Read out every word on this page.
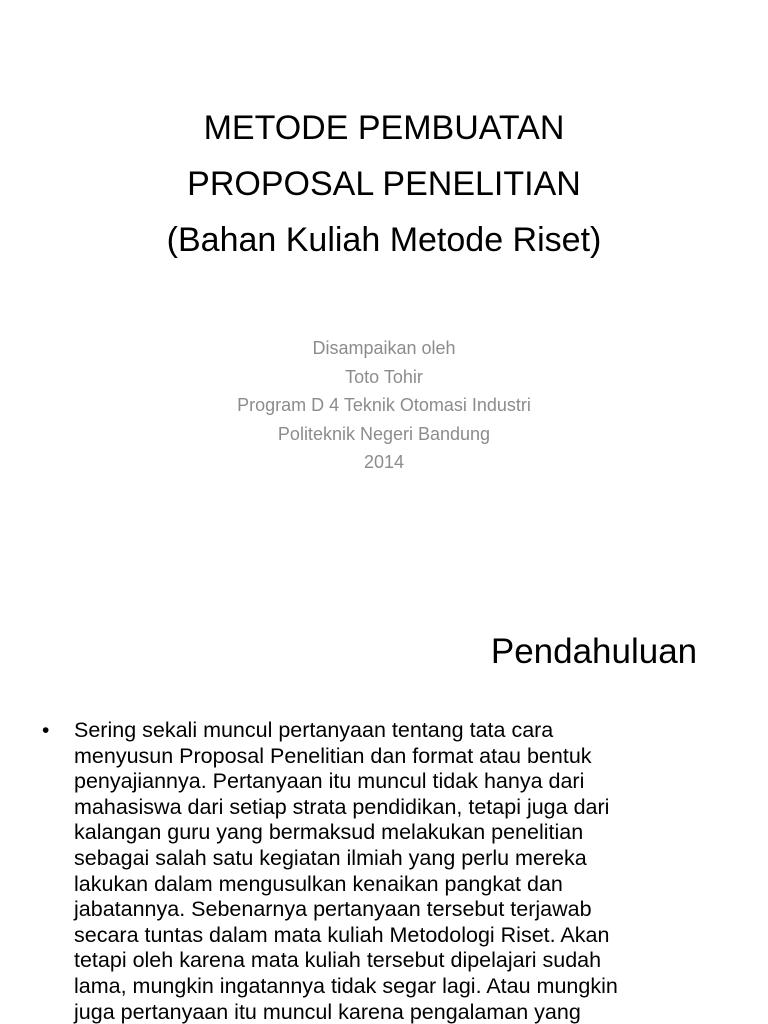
METODE PEMBUATAN
PROPOSAL PENELITIAN
(Bahan Kuliah Metode Riset)
Disampaikan oleh
Toto Tohir
Program D 4 Teknik Otomasi Industri
Politeknik Negeri Bandung
2014
Pendahuluan
• Sering sekali muncul pertanyaan tentang tata cara
menyusun Proposal Penelitian dan format atau bentuk
penyajiannya. Pertanyaan itu muncul tidak hanya dari
mahasiswa dari setiap strata pendidikan, tetapi juga dari
kalangan guru yang bermaksud melakukan penelitian
sebagai salah satu kegiatan ilmiah yang perlu mereka
lakukan dalam mengusulkan kenaikan pangkat dan
jabatannya. Sebenarnya pertanyaan tersebut terjawab
secara tuntas dalam mata kuliah Metodologi Riset. Akan
tetapi oleh karena mata kuliah tersebut dipelajari sudah
lama, mungkin ingatannya tidak segar lagi. Atau mungkin
juga pertanyaan itu muncul karena pengalaman yang
